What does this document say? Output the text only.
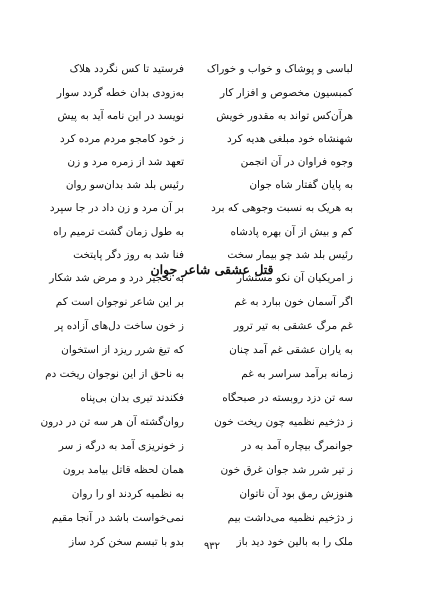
لباسی و پوشاک و خواب و خوراک
فرستید تا کس نگردد هلاک
کمبسیون مخصوص و افزار کار
به‌زودی بدان خطه گردد سوار
هرآن‌کس تواند به مقدور خویش
نویسد در این نامه آید به پیش
شهنشاه خود مبلغی هدیه کرد
ز خود کامجو مردم مرده کرد
وجوه فراوان در آن انجمن
تعهد شد از زمره مرد و زن
به پایان گفتار شاه جوان
رئیس بلد شد بدان‌سو روان
به هریک به نسبت وجوهی که برد
بر آن مرد و زن داد در جا سپرد
کم و بیش از آن بهره پادشاه
به طول زمان گشت ترمیم راه
رئیس بلد شد چو بیمار سخت
فنا شد به روز دگر پایتخت
ز امریکیان آن نکو مستشار
به نخجیر درد و مرض شد شکار
قتل عشقی شاعر جوان
اگر آسمان خون ببارد به غم
بر این شاعر نوجوان است کم
غم مرگ عشقی به تیر ترور
ز خون ساخت دل‌های آزاده پر
به یاران عشقی غم آمد چنان
که تیغ شرر ریزد از استخوان
زمانه برآمد سراسر به غم
به ناحق از این نوجوان ریخت دم
سه تن دزد روبسته در صبحگاه
فکندند تیری بدان بی‌پناه
ز دژخیم نظمیه چون ریخت خون
روان‌گشته آن هر سه تن در درون
جوانمرگ بیچاره آمد به در
ز خونریزی آمد به درگه ز سر
ز تیر شرر شد جوان غرق خون
همان لحظه قاتل بیامد برون
هنوزش رمق بود آن ناتوان
به نظمیه کردند او را روان
ز دژخیم نظمیه می‌داشت بیم
نمی‌خواست باشد در آنجا مقیم
ملک را به بالین خود دید باز
بدو با تبسم سخن کرد ساز	۹۳۲
